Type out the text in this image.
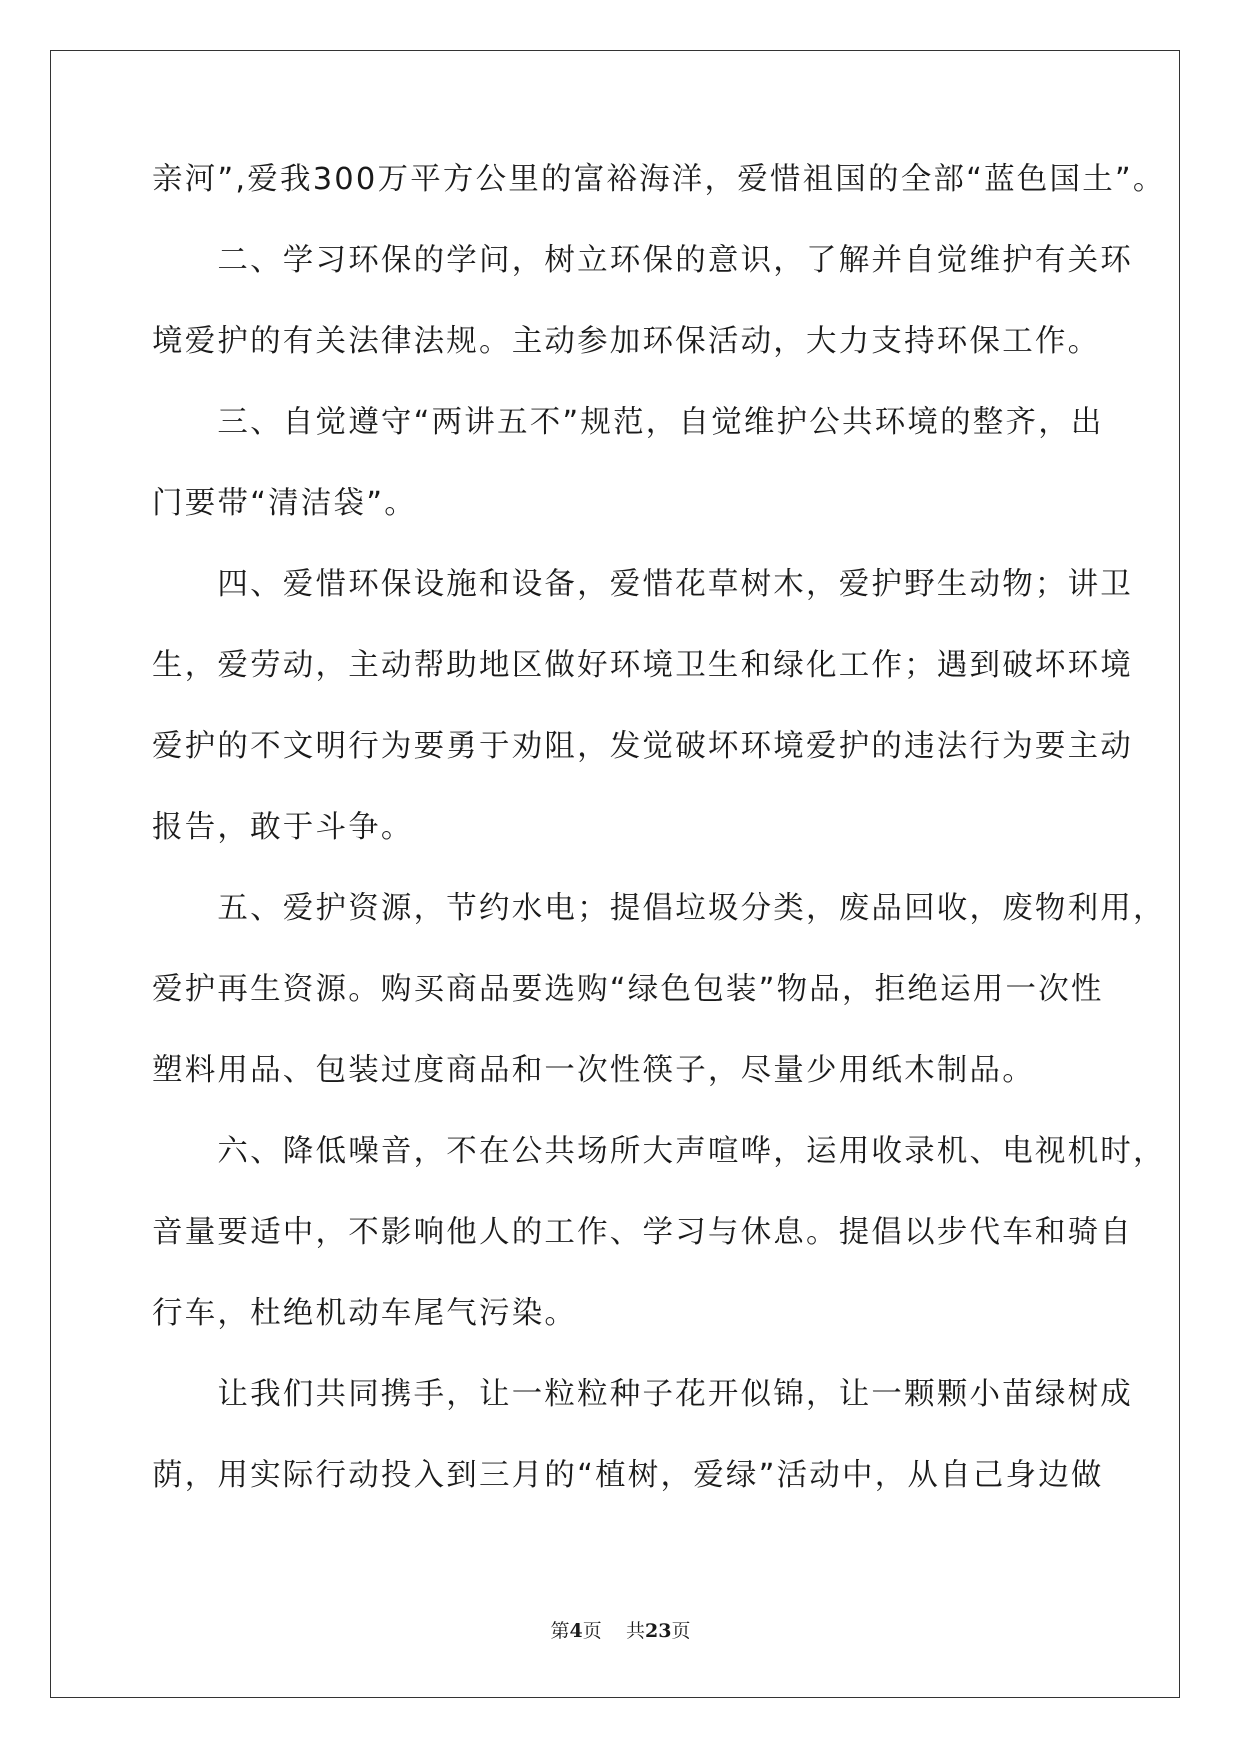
亲河”,爱我300万平方公里的富裕海洋，爱惜祖国的全部“蓝色国土”。
　　二、学习环保的学问，树立环保的意识，了解并自觉维护有关环
境爱护的有关法律法规。主动参加环保活动，大力支持环保工作。
　　三、自觉遵守“两讲五不”规范，自觉维护公共环境的整齐，出
门要带“清洁袋”。
　　四、爱惜环保设施和设备，爱惜花草树木，爱护野生动物；讲卫
生，爱劳动，主动帮助地区做好环境卫生和绿化工作；遇到破坏环境
爱护的不文明行为要勇于劝阻，发觉破坏环境爱护的违法行为要主动
报告，敢于斗争。
　　五、爱护资源，节约水电；提倡垃圾分类，废品回收，废物利用，
爱护再生资源。购买商品要选购“绿色包装”物品，拒绝运用一次性
塑料用品、包装过度商品和一次性筷子，尽量少用纸木制品。
　　六、降低噪音，不在公共场所大声喧哗，运用收录机、电视机时，
音量要适中，不影响他人的工作、学习与休息。提倡以步代车和骑自
行车，杜绝机动车尾气污染。
　　让我们共同携手，让一粒粒种子花开似锦，让一颗颗小苗绿树成
荫，用实际行动投入到三月的“植树，爱绿”活动中，从自己身边做
第4页 共23页
